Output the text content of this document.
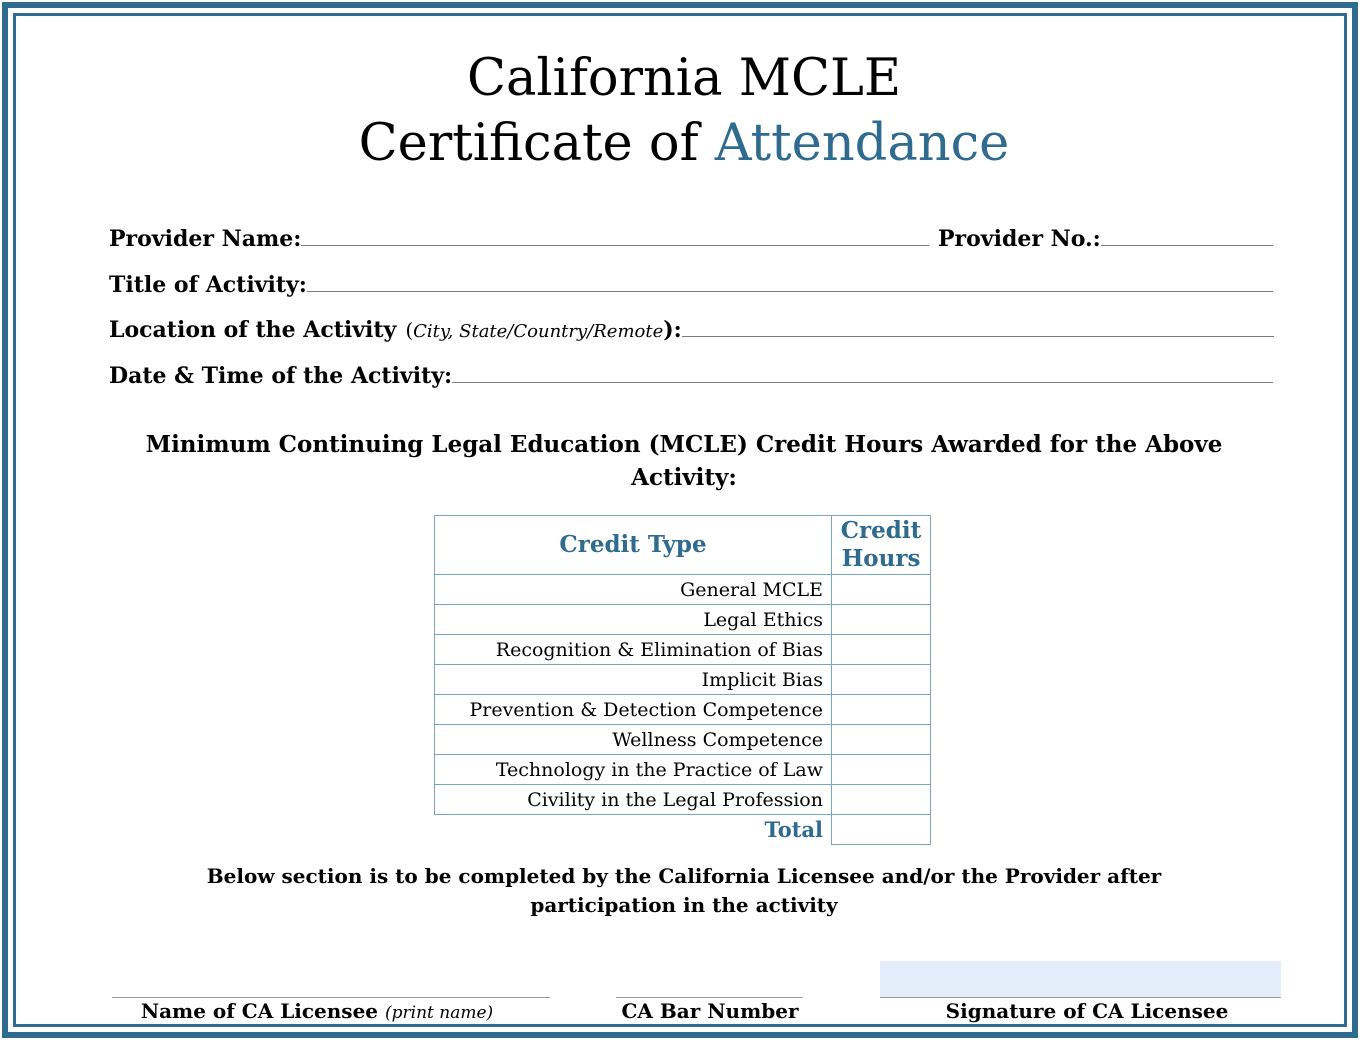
California MCLE
Certificate of Attendance
Provider Name:	Provider No.:
Title of Activity:
Location of the Activity (City, State/Country/Remote):
Date & Time of the Activity:
Minimum Continuing Legal Education (MCLE) Credit Hours Awarded for the Above Activity:
Credit Type	Credit
Hours
General MCLE	
Legal Ethics	
Recognition & Elimination of Bias	
Implicit Bias	
Prevention & Detection Competence	
Wellness Competence	
Technology in the Practice of Law	
Civility in the Legal Profession	
Total	
Below section is to be completed by the California Licensee and/or the Provider after participation in the activity
Name of CA Licensee (print name)	CA Bar Number	Signature of CA Licensee
